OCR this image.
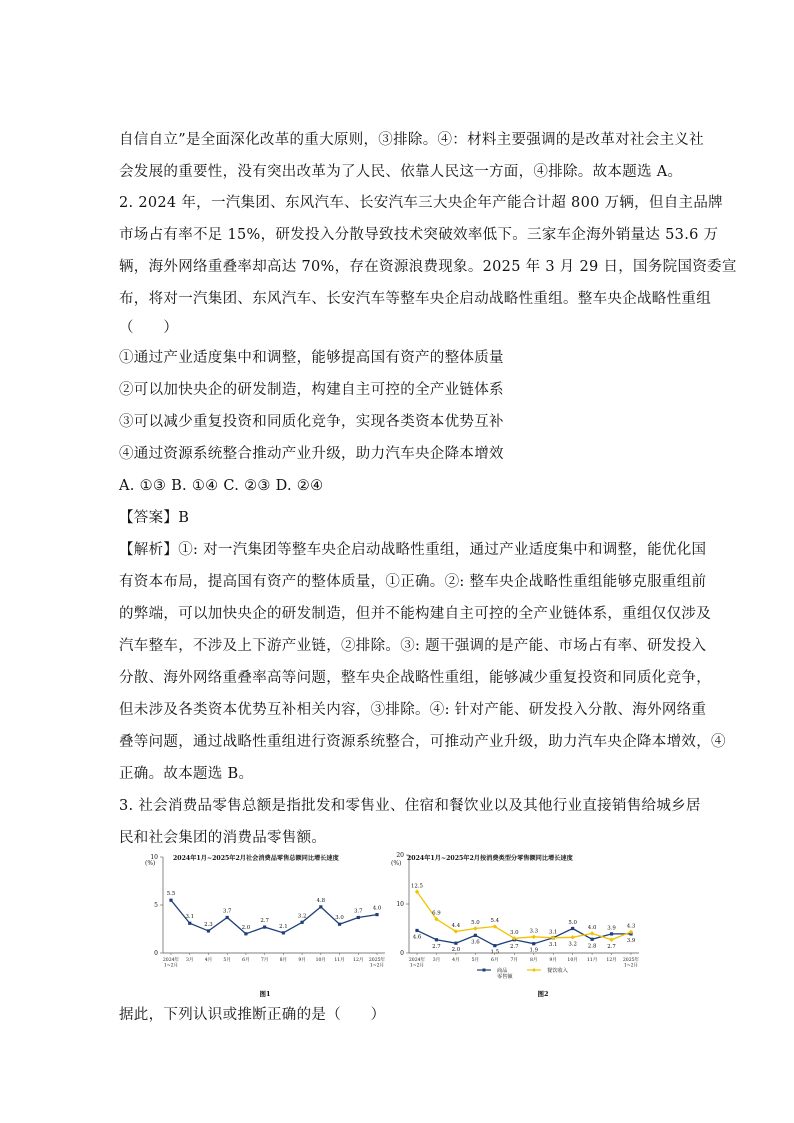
自信自立”是全面深化改革的重大原则，③排除。④：材料主要强调的是改革对社会主义社
会发展的重要性，没有突出改革为了人民、依靠人民这一方面，④排除。故本题选 A。
2. 2024 年，一汽集团、东风汽车、长安汽车三大央企年产能合计超 800 万辆，但自主品牌
市场占有率不足 15%，研发投入分散导致技术突破效率低下。三家车企海外销量达 53.6 万
辆，海外网络重叠率却高达 70%，存在资源浪费现象。2025 年 3 月 29 日，国务院国资委宣
布，将对一汽集团、东风汽车、长安汽车等整车央企启动战略性重组。整车央企战略性重组
（　　）
①通过产业适度集中和调整，能够提高国有资产的整体质量
②可以加快央企的研发制造，构建自主可控的全产业链体系
③可以减少重复投资和同质化竞争，实现各类资本优势互补
④通过资源系统整合推动产业升级，助力汽车央企降本增效
A. ①③ B. ①④ C. ②③ D. ②④
【答案】B
【解析】①: 对一汽集团等整车央企启动战略性重组，通过产业适度集中和调整，能优化国
有资本布局，提高国有资产的整体质量，①正确。②: 整车央企战略性重组能够克服重组前
的弊端，可以加快央企的研发制造，但并不能构建自主可控的全产业链体系，重组仅仅涉及
汽车整车，不涉及上下游产业链，②排除。③: 题干强调的是产能、市场占有率、研发投入
分散、海外网络重叠率高等问题，整车央企战略性重组，能够减少重复投资和同质化竞争，
但未涉及各类资本优势互补相关内容，③排除。④: 针对产能、研发投入分散、海外网络重
叠等问题，通过战略性重组进行资源系统整合，可推动产业升级，助力汽车央企降本增效，④
正确。故本题选 B。
3. 社会消费品零售总额是指批发和零售业、住宿和餐饮业以及其他行业直接销售给城乡居
民和社会集团的消费品零售额。
2024年1月~2025年2月社会消费品零售总额同比增长速度
(%)
0
5
10
2024年 1~2月
3月 4月 5月 6月 7月 8月 9月 10月 11月 12月 2025年 1~2月
5.5
3.1
2.3
3.7
2.0
2.7
2.1
3.2
4.8
3.0
3.7 4.0
图1
2024年1月~2025年2月按消费类型分零售额同比增长速度
(%)
0
10
20
2024年 1~2月
3月	4月	5月	6月	7月	8月	9月 10月 11月 12月 2025年 1~2月
4.6
2.7
2.0
3.6
1.5
2.7
1.9
3.1
5.0
2.8
3.9
3.9
12.5
6.9
4.4 5.0 5.4
3.0 3.3
3.1 3.2
4.0
2.7
4.3
图2
商品零售额
餐饮收入
据此，下列认识或推断正确的是（　　）
